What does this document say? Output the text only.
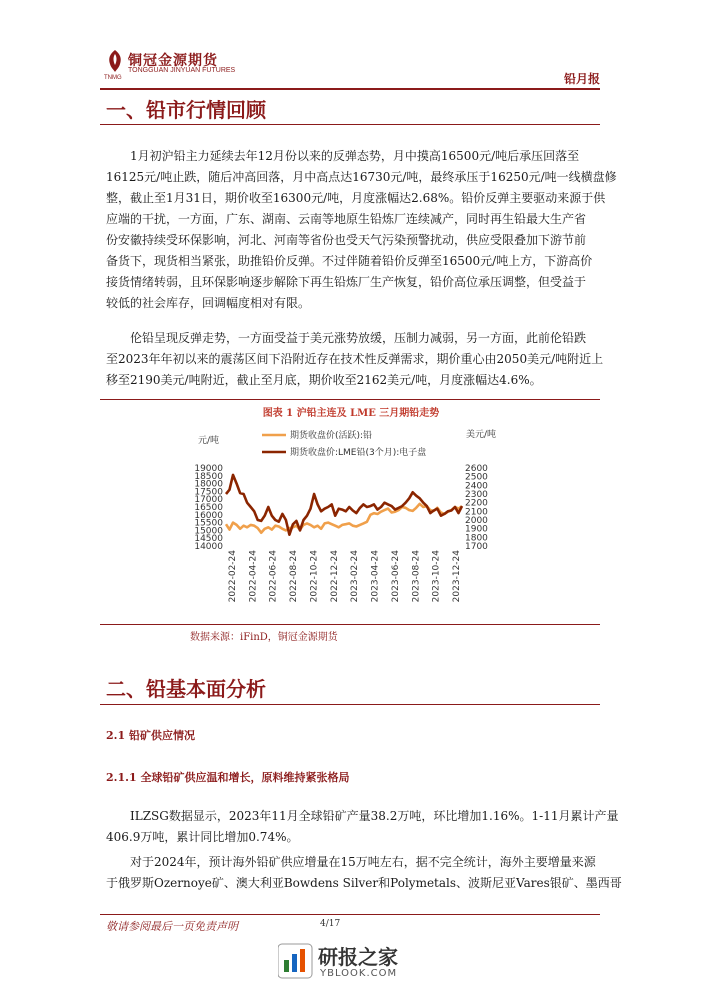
铜冠金源期货
TONGGUAN JINYUAN FUTURES
TNMG	铅月报
一、铅市行情回顾
1月初沪铅主力延续去年12月份以来的反弹态势，月中摸高16500元/吨后承压回落至
16125元/吨止跌，随后冲高回落，月中高点达16730元/吨，最终承压于16250元/吨一线横盘修
整，截止至1月31日，期价收至16300元/吨，月度涨幅达2.68%。铅价反弹主要驱动来源于供
应端的干扰，一方面，广东、湖南、云南等地原生铅炼厂连续减产，同时再生铅最大生产省
份安徽持续受环保影响，河北、河南等省份也受天气污染预警扰动，供应受限叠加下游节前
备货下，现货相当紧张，助推铅价反弹。不过伴随着铅价反弹至16500元/吨上方，下游高价
接货情绪转弱，且环保影响逐步解除下再生铅炼厂生产恢复，铅价高位承压调整，但受益于
较低的社会库存，回调幅度相对有限。
伦铅呈现反弹走势，一方面受益于美元涨势放缓，压制力减弱，另一方面，此前伦铅跌
至2023年年初以来的震荡区间下沿附近存在技术性反弹需求，期价重心由2050美元/吨附近上
移至2190美元/吨附近，截止至月底，期价收至2162美元/吨，月度涨幅达4.6%。
图表 1 沪铅主连及 LME 三月期铅走势
元/吨
美元/吨
14000
14500
15000
15500
16000
16500
17000
17500
18000
18500
19000
1700
1800
1900
2000
2100
2200
2300
2400
2500
2600
2022-02-24 2022-04-24 2022-06-24 2022-08-24 2022-10-24 2022-12-24 2023-02-24 2023-04-24 2023-06-24 2023-08-24 2023-10-24 2023-12-24
期货收盘价(活跃):铅
期货收盘价:LME铅(3个月):电子盘
数据来源：iFinD，铜冠金源期货
二、铅基本面分析
2.1 铅矿供应情况
2.1.1 全球铅矿供应温和增长，原料维持紧张格局
ILZSG数据显示，2023年11月全球铅矿产量38.2万吨，环比增加1.16%。1-11月累计产量
406.9万吨，累计同比增加0.74%。
对于2024年，预计海外铅矿供应增量在15万吨左右，据不完全统计，海外主要增量来源
于俄罗斯Ozernoye矿、澳大利亚Bowdens Silver和Polymetals、波斯尼亚Vares银矿、墨西哥
敬请参阅最后一页免责声明	4/17
研报之家
YBLOOK.COM
